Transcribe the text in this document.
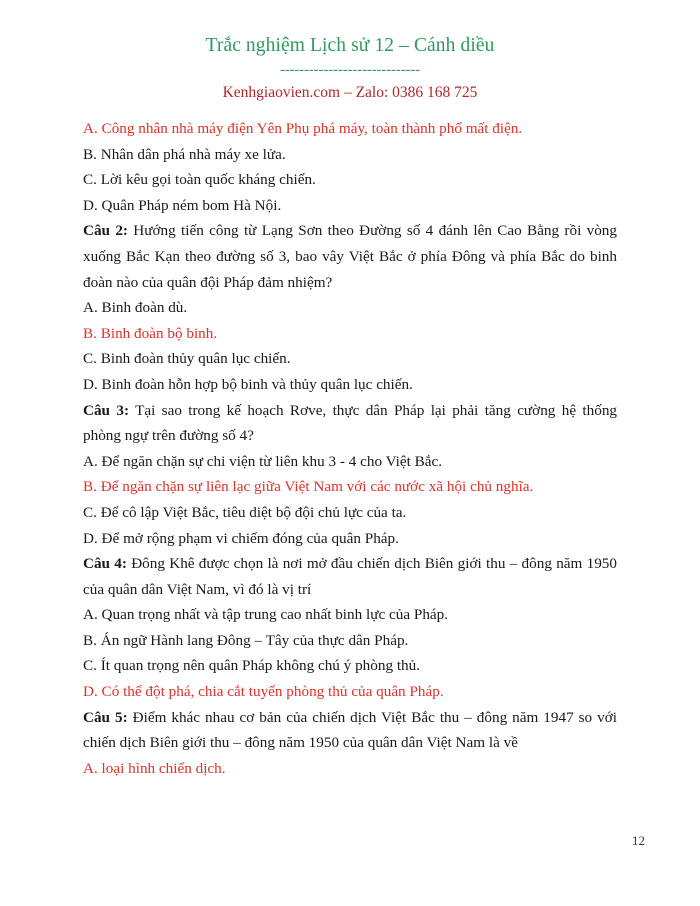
Trắc nghiệm Lịch sử 12 – Cánh diều
-----------------------------
Kenhgiaovien.com – Zalo: 0386 168 725

A. Công nhân nhà máy điện Yên Phụ phá máy, toàn thành phố mất điện.

B. Nhân dân phá nhà máy xe lửa.

C. Lời kêu gọi toàn quốc kháng chiến.

D. Quân Pháp ném bom Hà Nội.

Câu 2: Hướng tiến công từ Lạng Sơn theo Đường số 4 đánh lên Cao Bằng rồi vòng xuống Bắc Kạn theo đường số 3, bao vây Việt Bắc ở phía Đông và phía Bắc do binh đoàn nào của quân đội Pháp đảm nhiệm?

A. Binh đoàn dù.

B. Binh đoàn bộ binh.

C. Binh đoàn thủy quân lục chiến.

D. Binh đoàn hỗn hợp bộ binh và thủy quân lục chiến.

Câu 3: Tại sao trong kế hoạch Rơve, thực dân Pháp lại phải tăng cường hệ thống phòng ngự trên đường số 4?

A. Để ngăn chặn sự chi viện từ liên khu 3 - 4 cho Việt Bắc.

B. Để ngăn chặn sự liên lạc giữa Việt Nam với các nước xã hội chủ nghĩa.

C. Để cô lập Việt Bắc, tiêu diệt bộ đội chủ lực của ta.

D. Để mở rộng phạm vi chiếm đóng của quân Pháp.

Câu 4: Đông Khê được chọn là nơi mở đầu chiến dịch Biên giới thu – đông năm 1950 của quân dân Việt Nam, vì đó là vị trí

A. Quan trọng nhất và tập trung cao nhất binh lực của Pháp.

B. Án ngữ Hành lang Đông – Tây của thực dân Pháp.

C. Ít quan trọng nên quân Pháp không chú ý phòng thủ.

D. Có thể đột phá, chia cắt tuyến phòng thủ của quân Pháp.

Câu 5: Điểm khác nhau cơ bản của chiến dịch Việt Bắc thu – đông năm 1947 so với chiến dịch Biên giới thu – đông năm 1950 của quân dân Việt Nam là về

A. loại hình chiến dịch.

12
